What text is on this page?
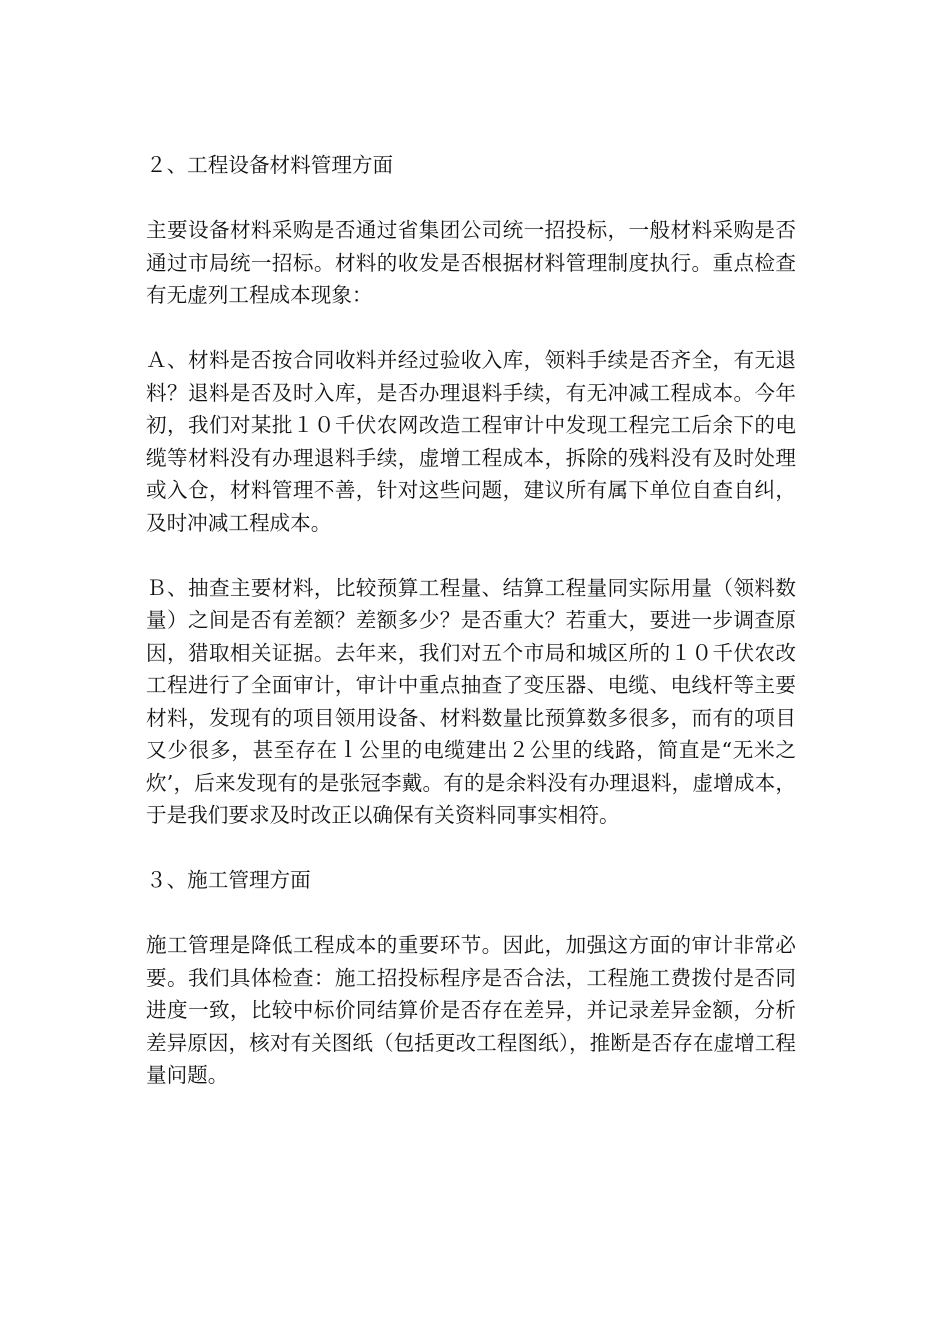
２、工程设备材料管理方面

主要设备材料采购是否通过省集团公司统一招投标，一般材料采购是否通过市局统一招标。材料的收发是否根据材料管理制度执行。重点检查有无虚列工程成本现象：

Ａ、材料是否按合同收料并经过验收入库，领料手续是否齐全，有无退料？退料是否及时入库，是否办理退料手续，有无冲减工程成本。今年初，我们对某批１０千伏农网改造工程审计中发现工程完工后余下的电缆等材料没有办理退料手续，虚增工程成本，拆除的残料没有及时处理或入仓，材料管理不善，针对这些问题，建议所有属下单位自查自纠，及时冲减工程成本。

Ｂ、抽查主要材料，比较预算工程量、结算工程量同实际用量（领料数量）之间是否有差额？差额多少？是否重大？若重大，要进一步调查原因，猎取相关证据。去年来，我们对五个市局和城区所的１０千伏农改工程进行了全面审计，审计中重点抽查了变压器、电缆、电线杆等主要材料，发现有的项目领用设备、材料数量比预算数多很多，而有的项目又少很多，甚至存在ｌ公里的电缆建出２公里的线路，简直是“无米之炊’，后来发现有的是张冠李戴。有的是余料没有办理退料，虚增成本，于是我们要求及时改正以确保有关资料同事实相符。

３、施工管理方面

施工管理是降低工程成本的重要环节。因此，加强这方面的审计非常必要。我们具体检查：施工招投标程序是否合法，工程施工费拨付是否同进度一致，比较中标价同结算价是否存在差异，并记录差异金额，分析差异原因，核对有关图纸（包括更改工程图纸），推断是否存在虚增工程量问题。
